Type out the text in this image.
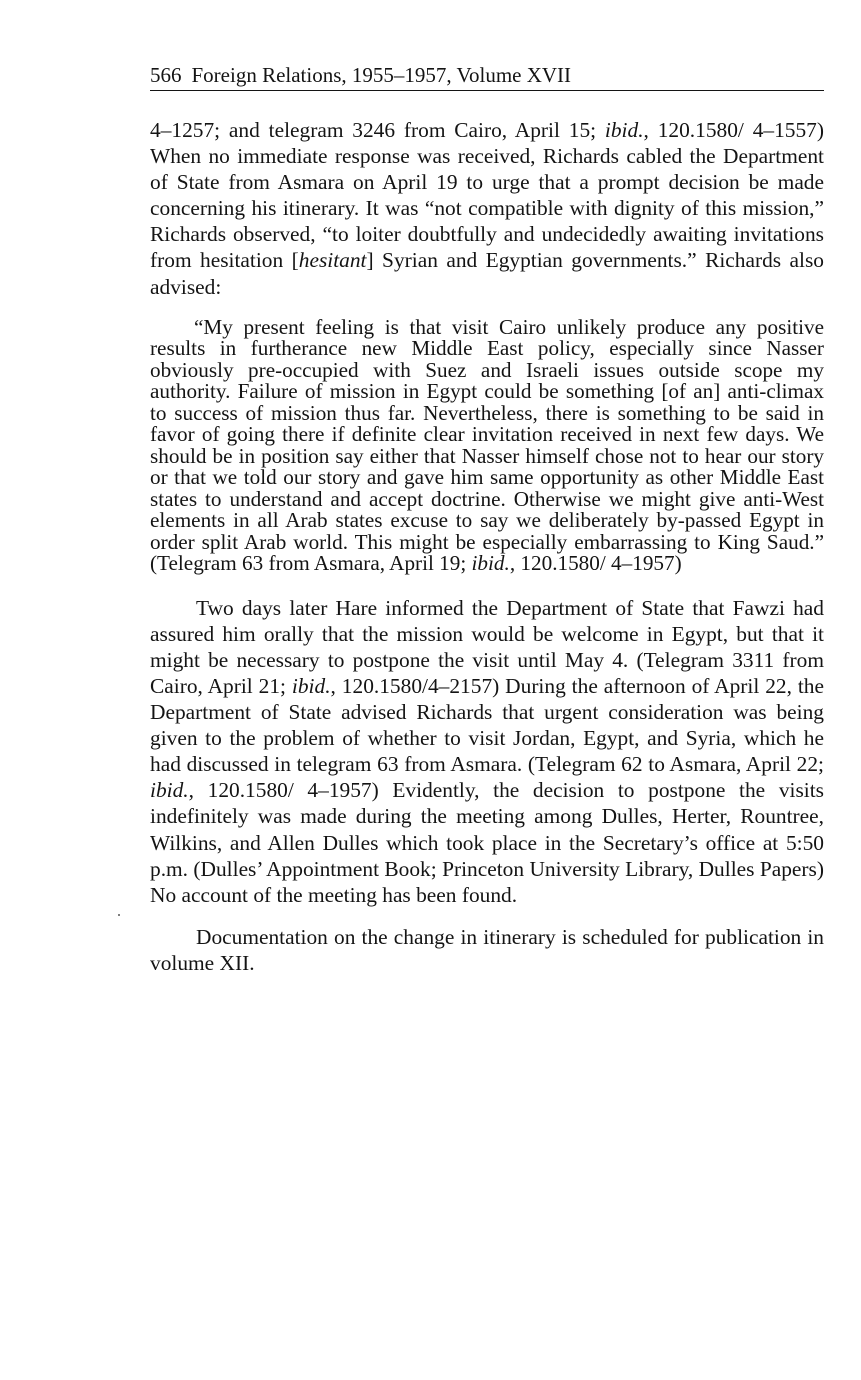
566 Foreign Relations, 1955–1957, Volume XVII

4–1257; and telegram 3246 from Cairo, April 15; ibid., 120.1580/ 4–1557) When no immediate response was received, Richards cabled the Department of State from Asmara on April 19 to urge that a prompt decision be made concerning his itinerary. It was “not compatible with dignity of this mission,” Richards observed, “to loiter doubtfully and undecidedly awaiting invitations from hesitation [hesitant] Syrian and Egyptian governments.” Richards also advised:

“My present feeling is that visit Cairo unlikely produce any positive results in furtherance new Middle East policy, especially since Nasser obviously pre-occupied with Suez and Israeli issues outside scope my authority. Failure of mission in Egypt could be something [of an] anti-climax to success of mission thus far. Nevertheless, there is something to be said in favor of going there if definite clear invitation received in next few days. We should be in position say either that Nasser himself chose not to hear our story or that we told our story and gave him same opportunity as other Middle East states to understand and accept doctrine. Otherwise we might give anti-West elements in all Arab states excuse to say we deliberately by-passed Egypt in order split Arab world. This might be especially embarrassing to King Saud.” (Telegram 63 from Asmara, April 19; ibid., 120.1580/ 4–1957)

Two days later Hare informed the Department of State that Fawzi had assured him orally that the mission would be welcome in Egypt, but that it might be necessary to postpone the visit until May 4. (Telegram 3311 from Cairo, April 21; ibid., 120.1580/4–2157) During the afternoon of April 22, the Department of State advised Richards that urgent consideration was being given to the problem of whether to visit Jordan, Egypt, and Syria, which he had discussed in telegram 63 from Asmara. (Telegram 62 to Asmara, April 22; ibid., 120.1580/ 4–1957) Evidently, the decision to postpone the visits indefinitely was made during the meeting among Dulles, Herter, Rountree, Wilkins, and Allen Dulles which took place in the Secretary’s office at 5:50 p.m. (Dulles’ Appointment Book; Princeton University Library, Dulles Papers) No account of the meeting has been found.

Documentation on the change in itinerary is scheduled for publication in volume XII.
